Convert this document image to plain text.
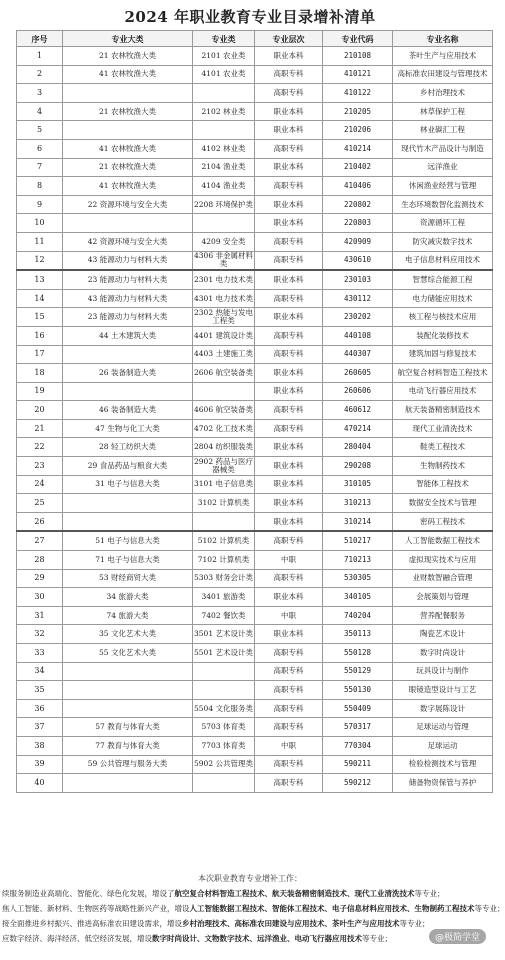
2024 年职业教育专业目录增补清单
序号	专业大类	专业类	专业层次	专业代码	专业名称
1	21 农林牧渔大类	2101 农业类	职业本科	210108	茶叶生产与应用技术
2	41 农林牧渔大类	4101 农业类	高职专科	410121	高标准农田建设与管理技术
3			高职专科	410122	乡村治理技术
4	21 农林牧渔大类	2102 林业类	职业本科	210205	林草保护工程
5			职业本科	210206	林业碳汇工程
6	41 农林牧渔大类	4102 林业类	高职专科	410214	现代竹木产品设计与制造
7	21 农林牧渔大类	2104 渔业类	职业本科	210402	远洋渔业
8	41 农林牧渔大类	4104 渔业类	高职专科	410406	休闲渔业经营与管理
9	22 资源环境与安全大类	2208 环境保护类	职业本科	220802	生态环境数智化监测技术
10			职业本科	220803	资源循环工程
11	42 资源环境与安全大类	4209 安全类	高职专科	420909	防灾减灾数字技术
12	43 能源动力与材料大类	4306 非金属材料类	高职专科	430610	电子信息材料应用技术
13	23 能源动力与材料大类	2301 电力技术类	职业本科	230103	智慧综合能源工程
14	43 能源动力与材料大类	4301 电力技术类	高职专科	430112	电力储能应用技术
15	23 能源动力与材料大类	2302 热能与发电工程类	职业本科	230202	核工程与核技术应用
16	44 土木建筑大类	4401 建筑设计类	高职专科	440108	装配化装修技术
17		4403 土建施工类	高职专科	440307	建筑加固与修复技术
18	26 装备制造大类	2606 航空装备类	职业本科	260605	航空复合材料智造工程技术
19			职业本科	260606	电动飞行器应用技术
20	46 装备制造大类	4606 航空装备类	高职专科	460612	航天装备精密制造技术
21	47 生物与化工大类	4702 化工技术类	高职专科	470214	现代工业清洗技术
22	28 轻工纺织大类	2804 纺织服装类	职业本科	280404	鞋类工程技术
23	29 食品药品与粮食大类	2902 药品与医疗器械类	职业本科	290208	生物制药技术
24	31 电子与信息大类	3101 电子信息类	职业本科	310105	智能体工程技术
25		3102 计算机类	职业本科	310213	数据安全技术与管理
26			职业本科	310214	密码工程技术
27	51 电子与信息大类	5102 计算机类	高职专科	510217	人工智能数据工程技术
28	71 电子与信息大类	7102 计算机类	中职	710213	虚拟现实技术与应用
29	53 财经商贸大类	5303 财务会计类	高职专科	530305	业财数智融合管理
30	34 旅游大类	3401 旅游类	职业本科	340105	会展策划与管理
31	74 旅游大类	7402 餐饮类	中职	740204	营养配餐服务
32	35 文化艺术大类	3501 艺术设计类	职业本科	350113	陶瓷艺术设计
33	55 文化艺术大类	5501 艺术设计类	高职专科	550128	数字时尚设计
34			高职专科	550129	玩具设计与制作
35			高职专科	550130	眼镜造型设计与工艺
36		5504 文化服务类	高职专科	550409	数字展陈设计
37	57 教育与体育大类	5703 体育类	高职专科	570317	足球运动与管理
38	77 教育与体育大类	7703 体育类	中职	770304	足球运动
39	59 公共管理与服务大类	5902 公共管理类	高职专科	590211	检验检测技术与管理
40			高职专科	590212	储备物资保管与养护
本次职业教育专业增补工作：
续服务制造业高端化、智能化、绿色化发展，增设了航空复合材料智造工程技术、航天装备精密制造技术、现代工业清洗技术等专业；
焦人工智能、新材料、生物医药等战略性新兴产业，增设人工智能数据工程技术、智能体工程技术、电子信息材料应用技术、生物制药工程技术等专业；
接全面推进乡村振兴、推进高标准农田建设需求，增设乡村治理技术、高标准农田建设与应用技术、茶叶生产与应用技术等专业；
应数字经济、海洋经济、低空经济发展，增设数字时尚设计、文物数字技术、远洋渔业、电动飞行器应用技术等专业；	@极简学堂
